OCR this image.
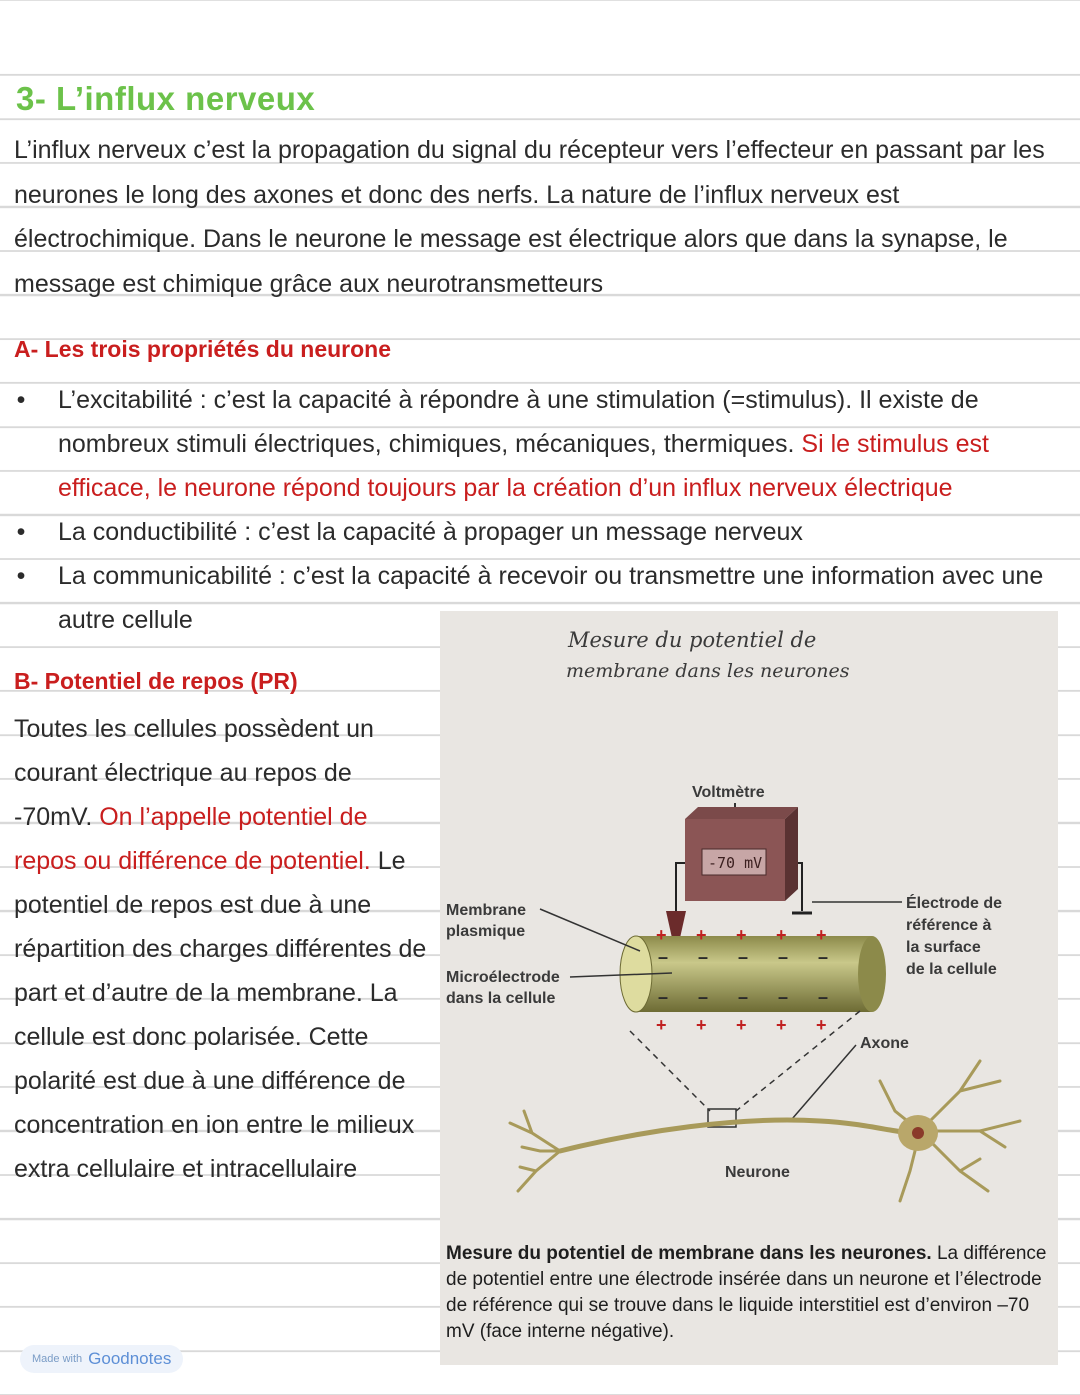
3- L’influx nerveux

L’influx nerveux c’est la propagation du signal du récepteur vers l’effecteur en passant par les neurones le long des axones et donc des nerfs. La nature de l’influx nerveux est électrochimique. Dans le neurone le message est électrique alors que dans la synapse, le message est chimique grâce aux neurotransmetteurs

A- Les trois propriétés du neurone
• L’excitabilité : c’est la capacité à répondre à une stimulation (=stimulus). Il existe de nombreux stimuli électriques, chimiques, mécaniques, thermiques. Si le stimulus est efficace, le neurone répond toujours par la création d’un influx nerveux électrique
• La conductibilité : c’est la capacité à propager un message nerveux
• La communicabilité : c’est la capacité à recevoir ou transmettre une information avec une autre cellule
B- Potentiel de repos (PR)

Toutes les cellules possèdent un courant électrique au repos de -70mV. On l’appelle potentiel de repos ou différence de potentiel. Le potentiel de repos est due à une répartition des charges différentes de part et d’autre de la membrane. La cellule est donc polarisée. Cette polarité est due à une différence de concentration en ion entre le milieux extra cellulaire et intracellulaire

Mesure du potentiel de
membrane dans les neurones
Voltmètre
-70 mV
+ + + + +
+ + + + +
– – – – –
– – – – –
Membrane
plasmique
Microélectrode
dans la cellule
Électrode de
référence à
la surface
de la cellule
Axone
Neurone

Mesure du potentiel de membrane dans les neurones. La différence de potentiel entre une électrode insérée dans un neurone et l’électrode de référence qui se trouve dans le liquide interstitiel est d’environ –70 mV (face interne négative).

Made with Goodnotes
